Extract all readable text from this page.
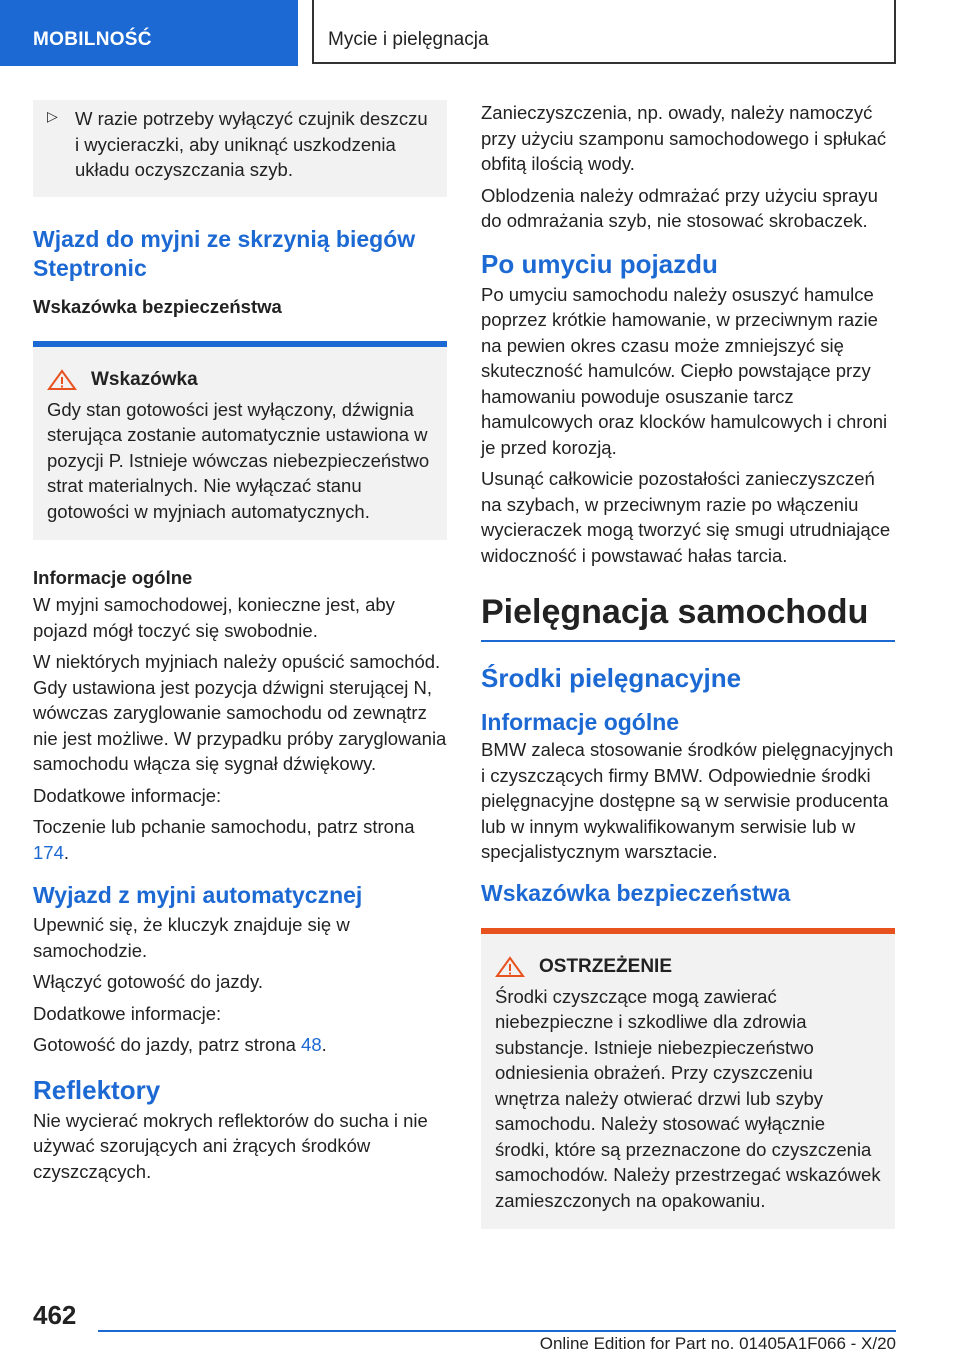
MOBILNOŚĆ	Mycie i pielęgnacja
▷ W razie potrzeby wyłączyć czujnik deszczu i wycieraczki, aby uniknąć uszkodzenia układu oczyszczania szyb.

Wjazd do myjni ze skrzynią biegów Steptronic
Wskazówka bezpieczeństwa
Wskazówka

Gdy stan gotowości jest wyłączony, dźwignia sterująca zostanie automatycznie ustawiona w pozycji P. Istnieje wówczas niebezpieczeństwo strat materialnych. Nie wyłączać stanu gotowości w myjniach automatycznych.

Informacje ogólne

W myjni samochodowej, konieczne jest, aby pojazd mógł toczyć się swobodnie.

W niektórych myjniach należy opuścić samochód. Gdy ustawiona jest pozycja dźwigni sterującej N, wówczas zaryglowanie samochodu od zewnątrz nie jest możliwe. W przypadku próby zaryglowania samochodu włącza się sygnał dźwiękowy.

Dodatkowe informacje:

Toczenie lub pchanie samochodu, patrz strona 174.

Wyjazd z myjni automatycznej

Upewnić się, że kluczyk znajduje się w samochodzie.

Włączyć gotowość do jazdy.

Dodatkowe informacje:

Gotowość do jazdy, patrz strona 48.

Reflektory

Nie wycierać mokrych reflektorów do sucha i nie używać szorujących ani żrących środków czyszczących.

Zanieczyszczenia, np. owady, należy namoczyć przy użyciu szamponu samochodowego i spłukać obfitą ilością wody.

Oblodzenia należy odmrażać przy użyciu sprayu do odmrażania szyb, nie stosować skrobaczek.

Po umyciu pojazdu

Po umyciu samochodu należy osuszyć hamulce poprzez krótkie hamowanie, w przeciwnym razie na pewien okres czasu może zmniejszyć się skuteczność hamulców. Ciepło powstające przy hamowaniu powoduje osuszanie tarcz hamulcowych oraz klocków hamulcowych i chroni je przed korozją.

Usunąć całkowicie pozostałości zanieczyszczeń na szybach, w przeciwnym razie po włączeniu wycieraczek mogą tworzyć się smugi utrudniające widoczność i powstawać hałas tarcia.

Pielęgnacja samochodu
Środki pielęgnacyjne
Informacje ogólne

BMW zaleca stosowanie środków pielęgnacyjnych i czyszczących firmy BMW. Odpowiednie środki pielęgnacyjne dostępne są w serwisie producenta lub w innym wykwalifikowanym serwisie lub w specjalistycznym warsztacie.

Wskazówka bezpieczeństwa
OSTRZEŻENIE

Środki czyszczące mogą zawierać niebezpieczne i szkodliwe dla zdrowia substancje. Istnieje niebezpieczeństwo odniesienia obrażeń. Przy czyszczeniu wnętrza należy otwierać drzwi lub szyby samochodu. Należy stosować wyłącznie środki, które są przeznaczone do czyszczenia samochodów. Należy przestrzegać wskazówek zamieszczonych na opakowaniu.

462
Online Edition for Part no. 01405A1F066 - X/20
